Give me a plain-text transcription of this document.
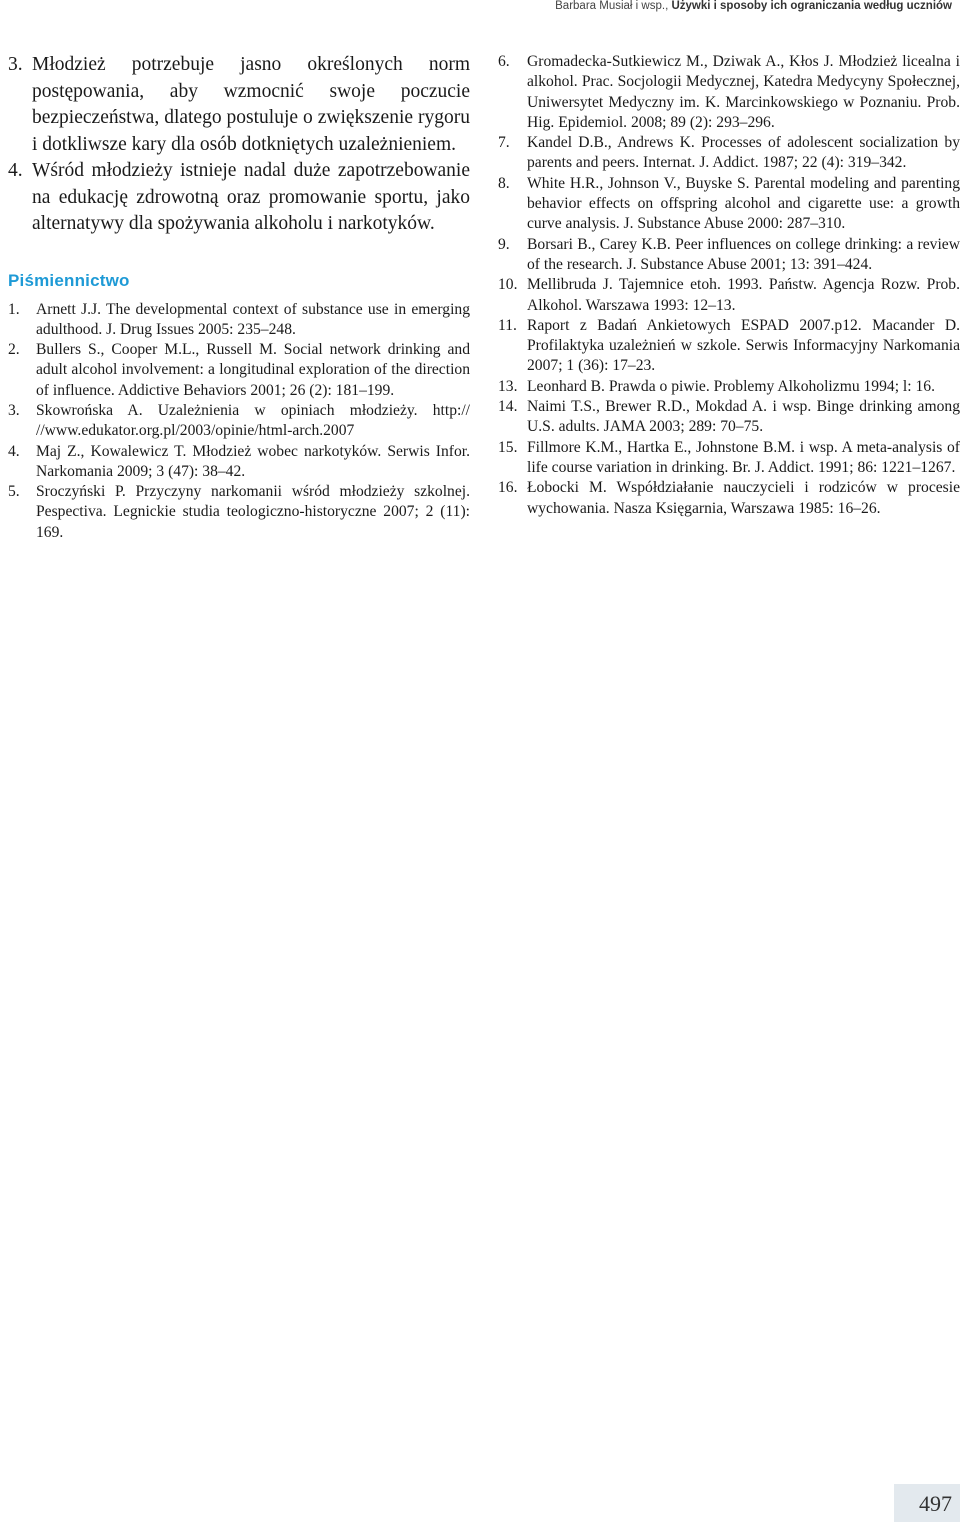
Barbara Musiał i wsp., Używki i sposoby ich ograniczania według uczniów
3. Młodzież potrzebuje jasno określonych norm postępowania, aby wzmocnić swoje poczucie bezpieczeństwa, dlatego postuluje o zwiększenie rygoru i dotkliwsze kary dla osób dotkniętych uzależnieniem.
4. Wśród młodzieży istnieje nadal duże zapotrzebowanie na edukację zdrowotną oraz promowanie sportu, jako alternatywy dla spożywania alkoholu i narkotyków.
Piśmiennictwo
1. Arnett J.J. The developmental context of substance use in emerging adulthood. J. Drug Issues 2005: 235–248.
2. Bullers S., Cooper M.L., Russell M. Social network drinking and adult alcohol involvement: a longitudinal exploration of the direction of influence. Addictive Behaviors 2001; 26 (2): 181–199.
3. Skowrońska A. Uzależnienia w opiniach młodzieży. http:// //www.edukator.org.pl/2003/opinie/html-arch.2007
4. Maj Z., Kowalewicz T. Młodzież wobec narkotyków. Serwis Infor. Narkomania 2009; 3 (47): 38–42.
5. Sroczyński P. Przyczyny narkomanii wśród młodzieży szkolnej. Pespectiva. Legnickie studia teologiczno-historyczne 2007; 2 (11): 169.
6. Gromadecka-Sutkiewicz M., Dziwak A., Kłos J. Młodzież licealna i alkohol. Prac. Socjologii Medycznej, Katedra Medycyny Społecznej, Uniwersytet Medyczny im. K. Marcinkowskiego w Poznaniu. Prob. Hig. Epidemiol. 2008; 89 (2): 293–296.
7. Kandel D.B., Andrews K. Processes of adolescent socialization by parents and peers. Internat. J. Addict. 1987; 22 (4): 319–342.
8. White H.R., Johnson V., Buyske S. Parental modeling and parenting behavior effects on offspring alcohol and cigarette use: a growth curve analysis. J. Substance Abuse 2000: 287–310.
9. Borsari B., Carey K.B. Peer influences on college drinking: a review of the research. J. Substance Abuse 2001; 13: 391–424.
10. Mellibruda J. Tajemnice etoh. 1993. Państw. Agencja Rozw. Prob. Alkohol. Warszawa 1993: 12–13.
11. Raport z Badań Ankietowych ESPAD 2007.p12. Macander D. Profilaktyka uzależnień w szkole. Serwis Informacyjny Narkomania 2007; 1 (36): 17–23.
13. Leonhard B. Prawda o piwie. Problemy Alkoholizmu 1994; l: 16.
14. Naimi T.S., Brewer R.D., Mokdad A. i wsp. Binge drinking among U.S. adults. JAMA 2003; 289: 70–75.
15. Fillmore K.M., Hartka E., Johnstone B.M. i wsp. A meta-analysis of life course variation in drinking. Br. J. Addict. 1991; 86: 1221–1267.
16. Łobocki M. Współdziałanie nauczycieli i rodziców w procesie wychowania. Nasza Księgarnia, Warszawa 1985: 16–26.
497
